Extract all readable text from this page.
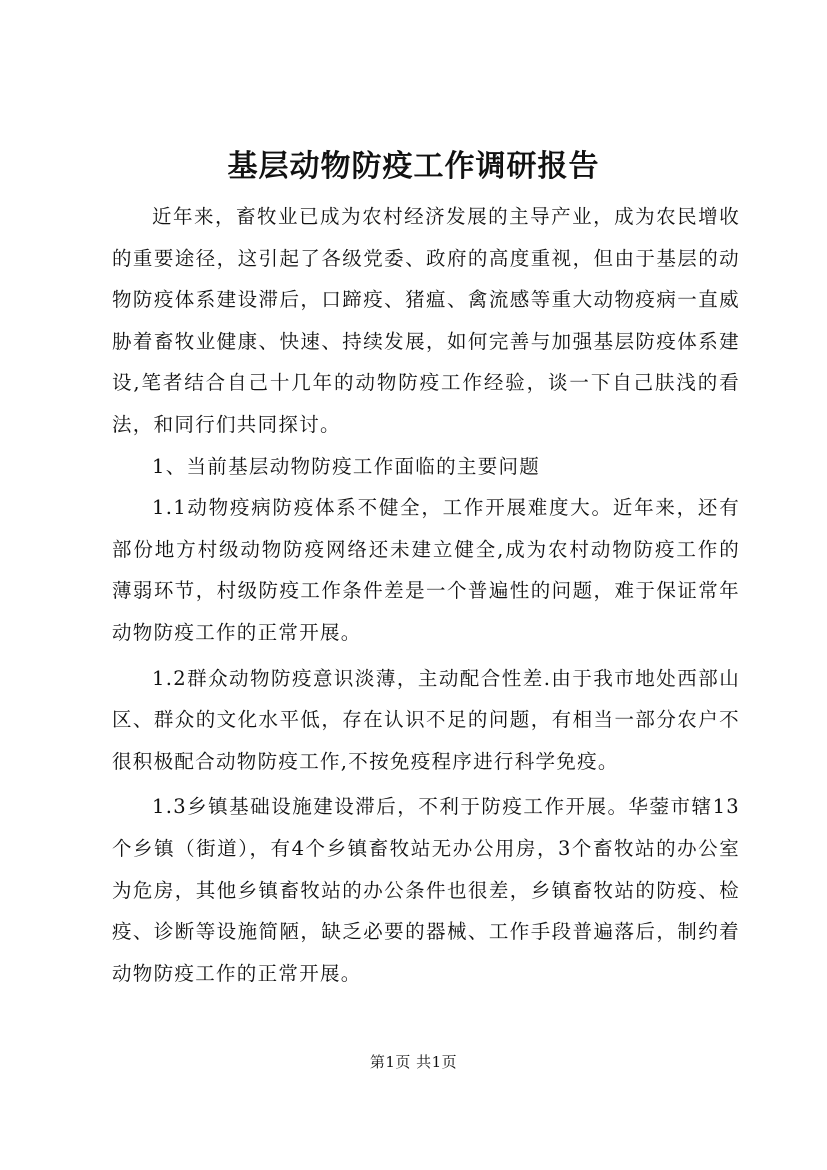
基层动物防疫工作调研报告

近年来，畜牧业已成为农村经济发展的主导产业，成为农民增收的重要途径，这引起了各级党委、政府的高度重视，但由于基层的动物防疫体系建设滞后，口蹄疫、猪瘟、禽流感等重大动物疫病一直威胁着畜牧业健康、快速、持续发展，如何完善与加强基层防疫体系建设,笔者结合自己十几年的动物防疫工作经验，谈一下自己肤浅的看法，和同行们共同探讨。

1、当前基层动物防疫工作面临的主要问题

1.1动物疫病防疫体系不健全，工作开展难度大。近年来，还有部份地方村级动物防疫网络还未建立健全,成为农村动物防疫工作的薄弱环节，村级防疫工作条件差是一个普遍性的问题，难于保证常年动物防疫工作的正常开展。

1.2群众动物防疫意识淡薄，主动配合性差.由于我市地处西部山区、群众的文化水平低，存在认识不足的问题，有相当一部分农户不很积极配合动物防疫工作,不按免疫程序进行科学免疫。

1.3乡镇基础设施建设滞后，不利于防疫工作开展。华蓥市辖13个乡镇（街道），有4个乡镇畜牧站无办公用房，3个畜牧站的办公室为危房，其他乡镇畜牧站的办公条件也很差，乡镇畜牧站的防疫、检疫、诊断等设施简陋，缺乏必要的器械、工作手段普遍落后，制约着动物防疫工作的正常开展。

第1页 共1页
